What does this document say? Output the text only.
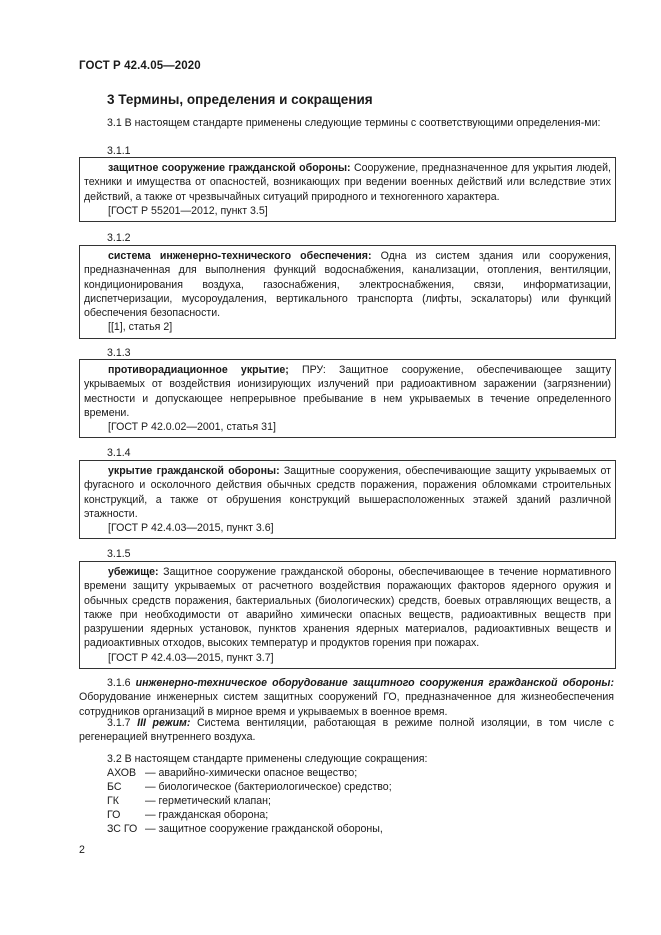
ГОСТ Р 42.4.05—2020
3 Термины, определения и сокращения
3.1 В настоящем стандарте применены следующие термины с соответствующими определения-ми:
3.1.1
защитное сооружение гражданской обороны: Сооружение, предназначенное для укрытия людей, техники и имущества от опасностей, возникающих при ведении военных действий или вследствие этих действий, а также от чрезвычайных ситуаций природного и техногенного характера.
[ГОСТ Р 55201—2012, пункт 3.5]
3.1.2
система инженерно-технического обеспечения: Одна из систем здания или сооружения, предназначенная для выполнения функций водоснабжения, канализации, отопления, вентиляции, кондиционирования воздуха, газоснабжения, электроснабжения, связи, информатизации, диспетчеризации, мусороудаления, вертикального транспорта (лифты, эскалаторы) или функций обеспечения безопасности.
[[1], статья 2]
3.1.3
противорадиационное укрытие; ПРУ: Защитное сооружение, обеспечивающее защиту укрываемых от воздействия ионизирующих излучений при радиоактивном заражении (загрязнении) местности и допускающее непрерывное пребывание в нем укрываемых в течение определенного времени.
[ГОСТ Р 42.0.02—2001, статья 31]
3.1.4
укрытие гражданской обороны: Защитные сооружения, обеспечивающие защиту укрываемых от фугасного и осколочного действия обычных средств поражения, поражения обломками строительных конструкций, а также от обрушения конструкций вышерасположенных этажей зданий различной этажности.
[ГОСТ Р 42.4.03—2015, пункт 3.6]
3.1.5
убежище: Защитное сооружение гражданской обороны, обеспечивающее в течение нормативного времени защиту укрываемых от расчетного воздействия поражающих факторов ядерного оружия и обычных средств поражения, бактериальных (биологических) средств, боевых отравляющих веществ, а также при необходимости от аварийно химически опасных веществ, радиоактивных веществ при разрушении ядерных установок, пунктов хранения ядерных материалов, радиоактивных веществ и радиоактивных отходов, высоких температур и продуктов горения при пожарах.
[ГОСТ Р 42.4.03—2015, пункт 3.7]
3.1.6 инженерно-техническое оборудование защитного сооружения гражданской обороны: Оборудование инженерных систем защитных сооружений ГО, предназначенное для жизнеобеспечения сотрудников организаций в мирное время и укрываемых в военное время.
3.1.7 III режим: Система вентиляции, работающая в режиме полной изоляции, в том числе с регенерацией внутреннего воздуха.
3.2 В настоящем стандарте применены следующие сокращения:
АХОВ — аварийно-химически опасное вещество;
БС — биологическое (бактериологическое) средство;
ГК — герметический клапан;
ГО — гражданская оборона;
ЗС ГО — защитное сооружение гражданской обороны,
2
